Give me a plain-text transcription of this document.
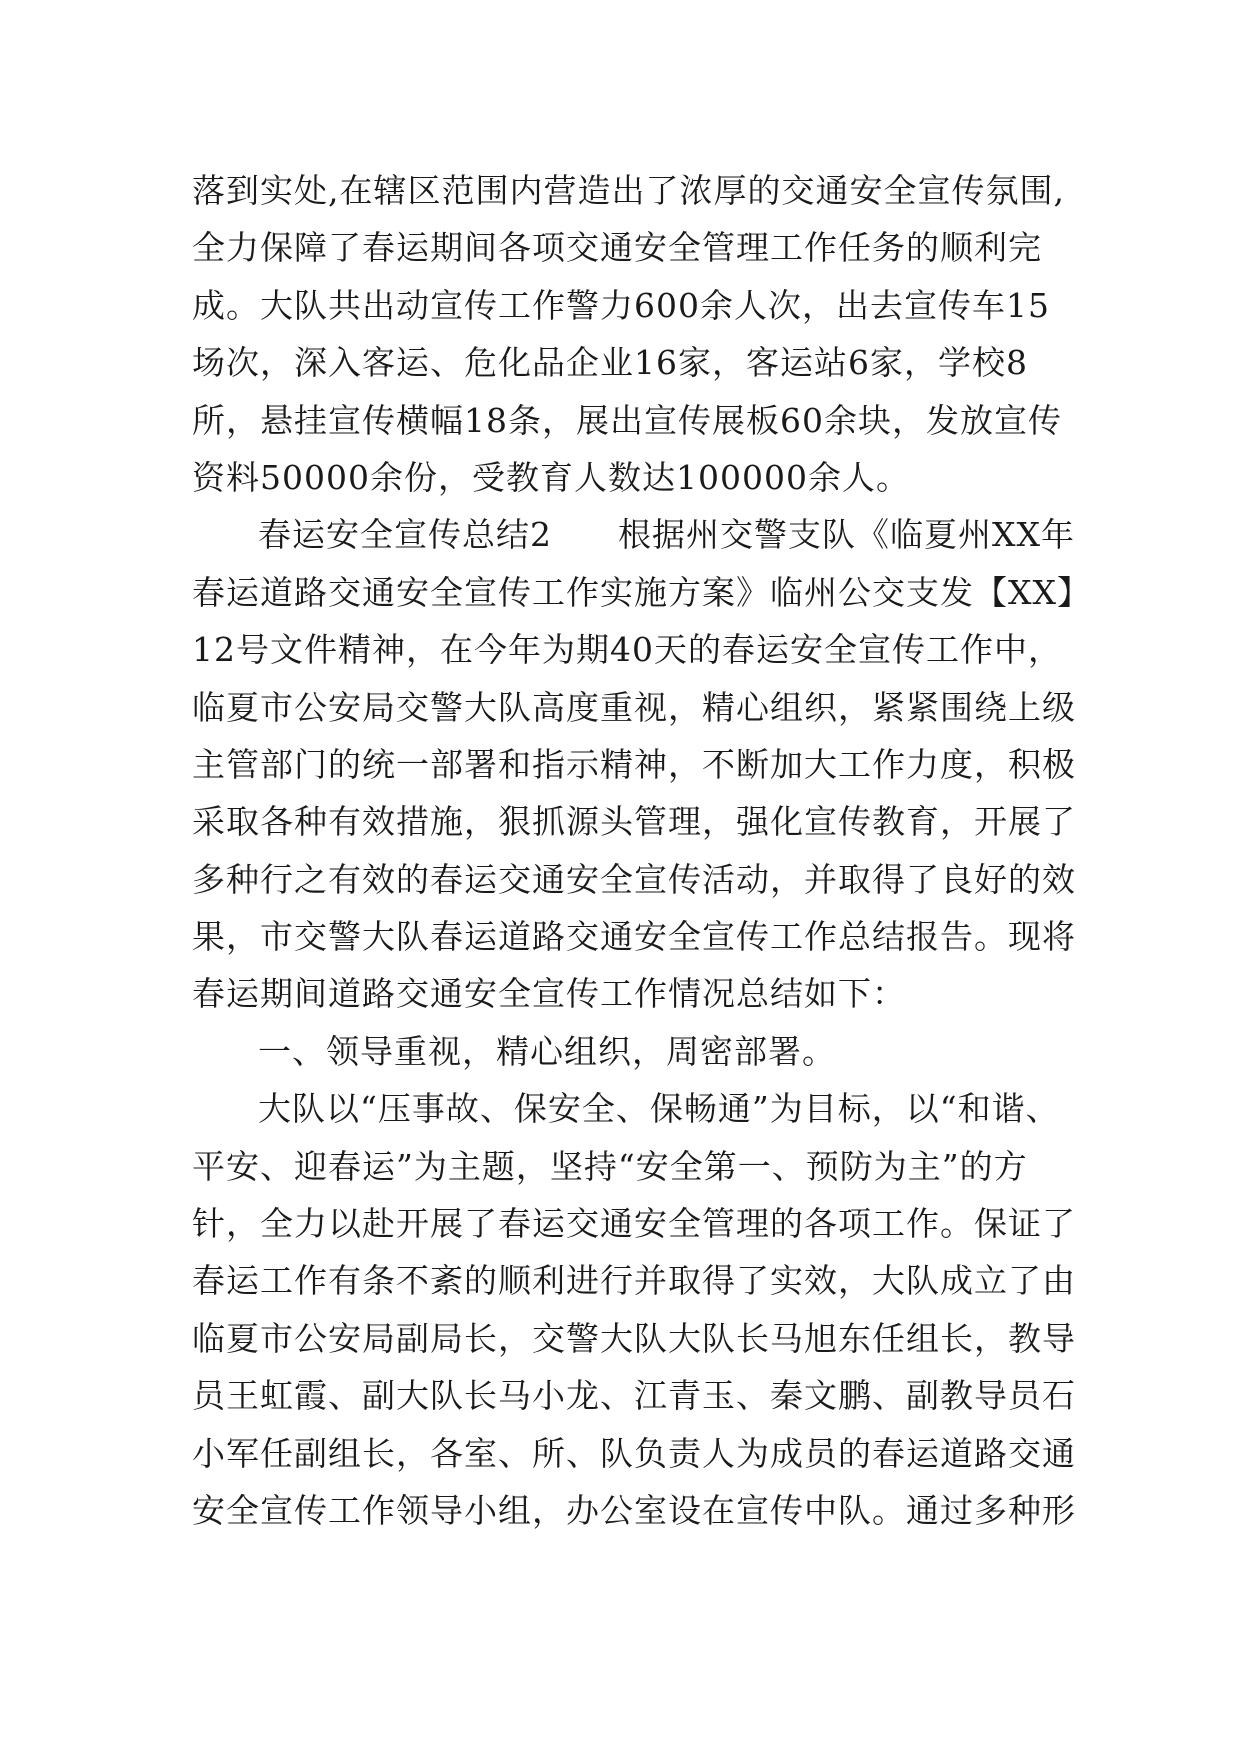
落到实处,在辖区范围内营造出了浓厚的交通安全宣传氛围,
全力保障了春运期间各项交通安全管理工作任务的顺利完
成。大队共出动宣传工作警力600余人次，出去宣传车15
场次，深入客运、危化品企业16家，客运站6家，学校8
所，悬挂宣传横幅18条，展出宣传展板60余块，发放宣传
资料50000余份，受教育人数达100000余人。
春运安全宣传总结2 根据州交警支队《临夏州XX年
春运道路交通安全宣传工作实施方案》临州公交支发【XX】
12号文件精神，在今年为期40天的春运安全宣传工作中，
临夏市公安局交警大队高度重视，精心组织，紧紧围绕上级
主管部门的统一部署和指示精神，不断加大工作力度，积极
采取各种有效措施，狠抓源头管理，强化宣传教育，开展了
多种行之有效的春运交通安全宣传活动，并取得了良好的效
果，市交警大队春运道路交通安全宣传工作总结报告。现将
春运期间道路交通安全宣传工作情况总结如下：
一、领导重视，精心组织，周密部署。
大队以“压事故、保安全、保畅通”为目标，以“和谐、
平安、迎春运”为主题，坚持“安全第一、预防为主”的方
针，全力以赴开展了春运交通安全管理的各项工作。保证了
春运工作有条不紊的顺利进行并取得了实效，大队成立了由
临夏市公安局副局长，交警大队大队长马旭东任组长，教导
员王虹霞、副大队长马小龙、江青玉、秦文鹏、副教导员石
小军任副组长，各室、所、队负责人为成员的春运道路交通
安全宣传工作领导小组，办公室设在宣传中队。通过多种形
